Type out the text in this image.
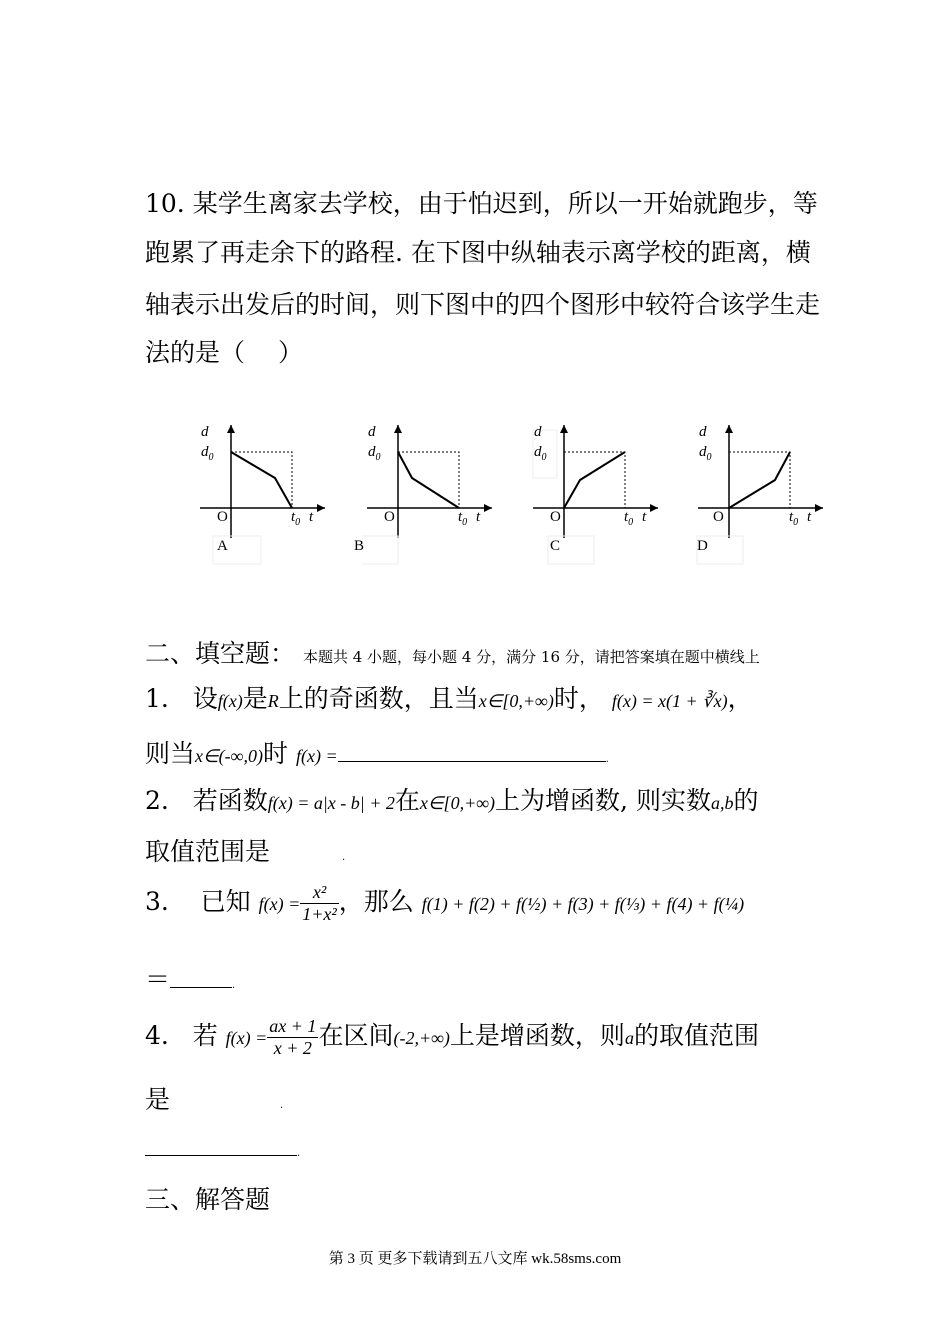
10. 某学生离家去学校，由于怕迟到，所以一开始就跑步，等
跑累了再走余下的路程. 在下图中纵轴表示离学校的距离，横
轴表示出发后的时间，则下图中的四个图形中较符合该学生走
法的是（　 ）
d
$d_0$
O	$t_0$ t
A
d
$d_0$
O	$t_0$ t
B
d
$d_0$
O	$t_0$ t
C
d
$d_0$
O	$t_0$ t
D
二、填空题： 本题共 4 小题，每小题 4 分，满分 16 分，请把答案填在题中横线上
1. 设f(x)是R上的奇函数，且当x∈[0,+∞)时， f(x) = x(1 + ∛x)，
则当x∈(-∞,0)时 f(x) =	.
2. 若函数f(x) = a|x - b| + 2在x∈[0,+∞)上为增函数, 则实数a,b的
取值范围是	.
3. 已知 $f(x) = \frac{\text{x²}}{\text{1+x²}}$ ，那么 f(1) + f(2) + f(½) + f(3) + f(⅓) + f(4) + f(¼)
＝	.
4. 若 $f(x) = \frac{ax + 1}{x + 2}$ 在区间(-2,+∞)上是增函数，则a的取值范围
是	.
.
三、解答题
第 3 页 更多下载请到五八文库 wk.58sms.com
